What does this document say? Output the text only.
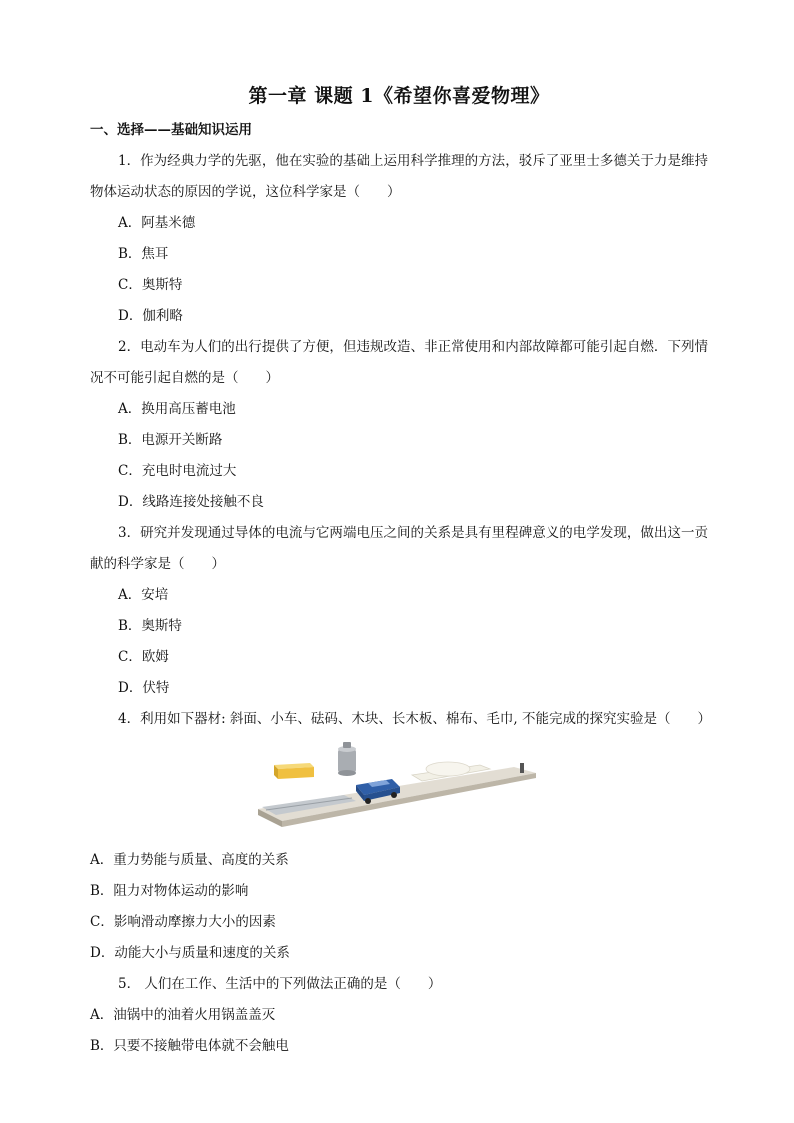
第一章 课题 1《希望你喜爱物理》

一、选择——基础知识运用

1．作为经典力学的先驱，他在实验的基础上运用科学推理的方法，驳斥了亚里士多德关于力是维持物体运动状态的原因的学说，这位科学家是（　　）

A．阿基米德

B．焦耳

C．奥斯特

D．伽利略

2．电动车为人们的出行提供了方便，但违规改造、非正常使用和内部故障都可能引起自燃．下列情况不可能引起自燃的是（　　）

A．换用高压蓄电池

B．电源开关断路

C．充电时电流过大

D．线路连接处接触不良

3．研究并发现通过导体的电流与它两端电压之间的关系是具有里程碑意义的电学发现，做出这一贡献的科学家是（　　）

A．安培

B．奥斯特

C．欧姆

D．伏特

4．利用如下器材: 斜面、小车、砝码、木块、长木板、棉布、毛巾, 不能完成的探究实验是（　　）

A．重力势能与质量、高度的关系

B．阻力对物体运动的影响

C．影响滑动摩擦力大小的因素

D．动能大小与质量和速度的关系

5． 人们在工作、生活中的下列做法正确的是（　　）

A．油锅中的油着火用锅盖盖灭

B．只要不接触带电体就不会触电
